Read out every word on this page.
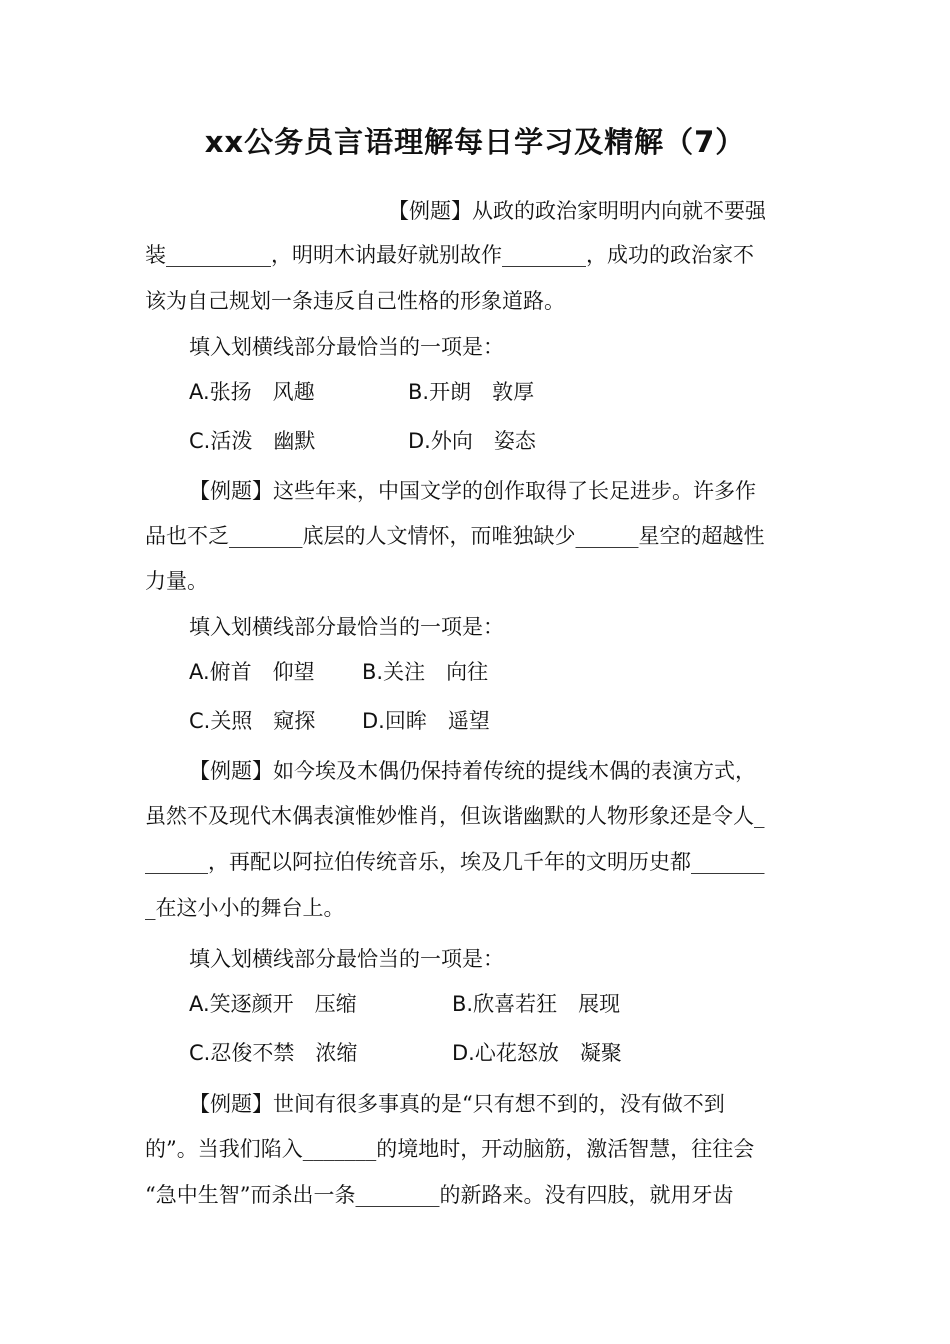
xx公务员言语理解每日学习及精解（7）
【例题】从政的政治家明明内向就不要强
装__________，明明木讷最好就别故作________，成功的政治家不
该为自己规划一条违反自己性格的形象道路。
填入划横线部分最恰当的一项是：
A.张扬　风趣	B.开朗　敦厚
C.活泼　幽默	D.外向　姿态
【例题】这些年来，中国文学的创作取得了长足进步。许多作
品也不乏_______底层的人文情怀，而唯独缺少______星空的超越性
力量。
填入划横线部分最恰当的一项是：
A.俯首　仰望 B.关注　向往
C.关照　窥探 D.回眸　遥望
【例题】如今埃及木偶仍保持着传统的提线木偶的表演方式，
虽然不及现代木偶表演惟妙惟肖，但诙谐幽默的人物形象还是令人_
______，再配以阿拉伯传统音乐，埃及几千年的文明历史都_______
_在这小小的舞台上。
填入划横线部分最恰当的一项是：
A.笑逐颜开　压缩	B.欣喜若狂　展现
C.忍俊不禁　浓缩	D.心花怒放　凝聚
【例题】世间有很多事真的是“只有想不到的，没有做不到
的”。当我们陷入_______的境地时，开动脑筋，激活智慧，往往会
“急中生智”而杀出一条________的新路来。没有四肢，就用牙齿
